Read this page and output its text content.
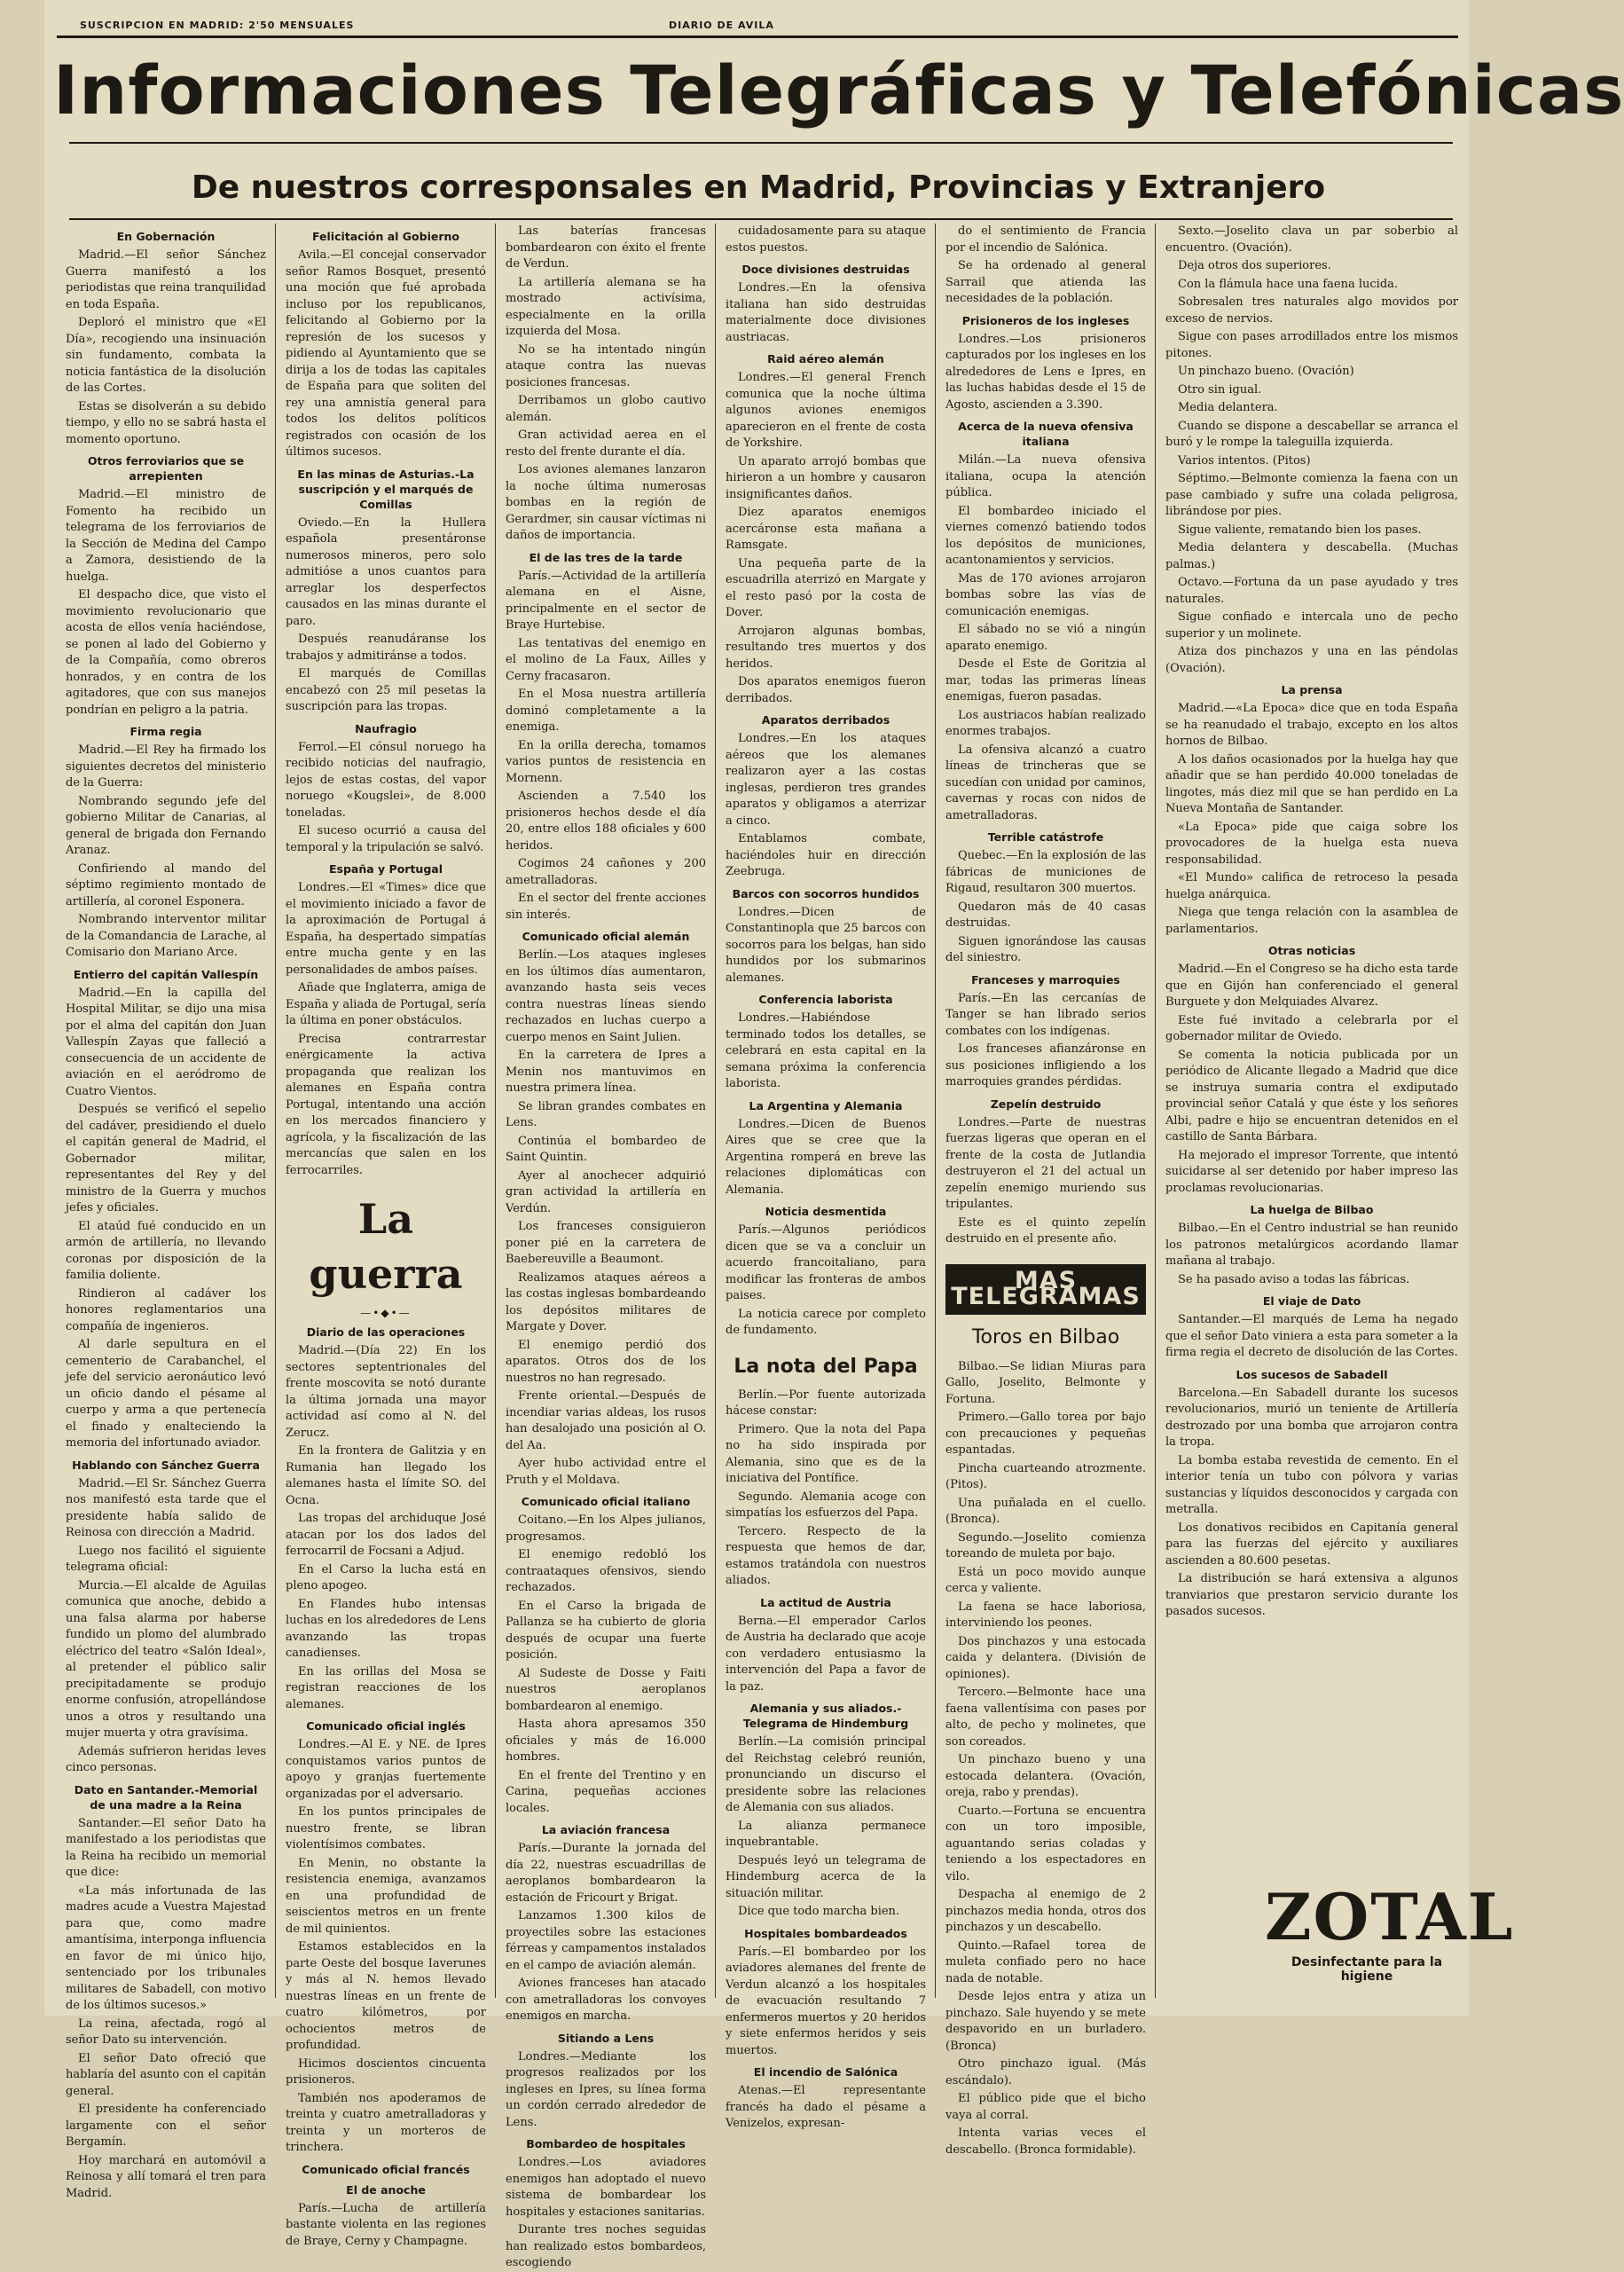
SUSCRIPCION EN MADRID: 2'50 MENSUALES	DIARIO DE AVILA
Informaciones Telegráficas y Telefónicas
De nuestros corresponsales en Madrid, Provincias y Extranjero
En Gobernación

Madrid.—El señor Sánchez Guerra manifestó a los periodistas que reina tranquilidad en toda España.

Deploró el ministro que «El Día», recogiendo una insinuación sin fundamento, combata la noticia fantástica de la disolución de las Cortes.

Estas se disolverán a su debido tiempo, y ello no se sabrá hasta el momento oportuno.

Otros ferroviarios que se arrepienten

Madrid.—El ministro de Fomento ha recibido un telegrama de los ferroviarios de la Sección de Medina del Campo a Zamora, desistiendo de la huelga.

El despacho dice, que visto el movimiento revolucionario que acosta de ellos venía haciéndose, se ponen al lado del Gobierno y de la Compañía, como obreros honrados, y en contra de los agitadores, que con sus manejos pondrían en peligro a la patria.

Firma regia

Madrid.—El Rey ha firmado los siguientes decretos del ministerio de la Guerra:

Nombrando segundo jefe del gobierno Militar de Canarias, al general de brigada don Fernando Aranaz.

Confiriendo al mando del séptimo regimiento montado de artillería, al coronel Esponera.

Nombrando interventor militar de la Comandancia de Larache, al Comisario don Mariano Arce.

Entierro del capitán Vallespín

Madrid.—En la capilla del Hospital Militar, se dijo una misa por el alma del capitán don Juan Vallespín Zayas que falleció a consecuencia de un accidente de aviación en el aeródromo de Cuatro Vientos.

Después se verificó el sepelio del cadáver, presidiendo el duelo el capitán general de Madrid, el Gobernador militar, representantes del Rey y del ministro de la Guerra y muchos jefes y oficiales.

El ataúd fué conducido en un armón de artillería, no llevando coronas por disposición de la familia doliente.

Rindieron al cadáver los honores reglamentarios una compañía de ingenieros.

Al darle sepultura en el cementerio de Carabanchel, el jefe del servicio aeronáutico levó un oficio dando el pésame al cuerpo y arma a que pertenecía el finado y enalteciendo la memoria del infortunado aviador.

Hablando con Sánchez Guerra

Madrid.—El Sr. Sánchez Guerra nos manifestó esta tarde que el presidente había salido de Reinosa con dirección a Madrid.

Luego nos facilitó el siguiente telegrama oficial:

Murcia.—El alcalde de Aguilas comunica que anoche, debido a una falsa alarma por haberse fundido un plomo del alumbrado eléctrico del teatro «Salón Ideal», al pretender el público salir precipitadamente se produjo enorme confusión, atropellándose unos a otros y resultando una mujer muerta y otra gravísima.

Además sufrieron heridas leves cinco personas.

Dato en Santander.-Memorial de una madre a la Reina

Santander.—El señor Dato ha manifestado a los periodistas que la Reina ha recibido un memorial que dice:

«La más infortunada de las madres acude a Vuestra Majestad para que, como madre amantísima, interponga influencia en favor de mi único hijo, sentenciado por los tribunales militares de Sabadell, con motivo de los últimos sucesos.»

La reina, afectada, rogó al señor Dato su intervención.

El señor Dato ofreció que hablaría del asunto con el capitán general.

El presidente ha conferenciado largamente con el señor Bergamín.

Hoy marchará en automóvil a Reinosa y allí tomará el tren para Madrid.

Felicitación al Gobierno

Avila.—El concejal conservador señor Ramos Bosquet, presentó una moción que fué aprobada incluso por los republicanos, felicitando al Gobierno por la represión de los sucesos y pidiendo al Ayuntamiento que se dirija a los de todas las capitales de España para que soliten del rey una amnistía general para todos los delitos políticos registrados con ocasión de los últimos sucesos.

En las minas de Asturias.-La suscripción y el marqués de Comillas

Oviedo.—En la Hullera española presentáronse numerosos mineros, pero solo admitióse a unos cuantos para arreglar los desperfectos causados en las minas durante el paro.

Después reanudáranse los trabajos y admitiránse a todos.

El marqués de Comillas encabezó con 25 mil pesetas la suscripción para las tropas.

Naufragio

Ferrol.—El cónsul noruego ha recibido noticias del naufragio, lejos de estas costas, del vapor noruego «Kougslei», de 8.000 toneladas.

El suceso ocurrió a causa del temporal y la tripulación se salvó.

España y Portugal

Londres.—El «Times» dice que el movimiento iniciado a favor de la aproximación de Portugal á España, ha despertado simpatías entre mucha gente y en las personalidades de ambos países.

Añade que Inglaterra, amiga de España y aliada de Portugal, sería la última en poner obstáculos.

Precisa contrarrestar enérgicamente la activa propaganda que realizan los alemanes en España contra Portugal, intentando una acción en los mercados financiero y agrícola, y la fiscalización de las mercancías que salen en los ferrocarriles.

La guerra
—•◆•—
Diario de las operaciones

Madrid.—(Día 22) En los sectores septentrionales del frente moscovita se notó durante la última jornada una mayor actividad así como al N. del Zerucz.

En la frontera de Galitzia y en Rumania han llegado los alemanes hasta el límite SO. del Ocna.

Las tropas del archiduque José atacan por los dos lados del ferrocarril de Focsani a Adjud.

En el Carso la lucha está en pleno apogeo.

En Flandes hubo intensas luchas en los alrededores de Lens avanzando las tropas canadienses.

En las orillas del Mosa se registran reacciones de los alemanes.

Comunicado oficial inglés

Londres.—Al E. y NE. de Ipres conquistamos varios puntos de apoyo y granjas fuertemente organizadas por el adversario.

En los puntos principales de nuestro frente, se libran violentísimos combates.

En Menin, no obstante la resistencia enemiga, avanzamos en una profundidad de seiscientos metros en un frente de mil quinientos.

Estamos establecidos en la parte Oeste del bosque Iaverunes y más al N. hemos llevado nuestras líneas en un frente de cuatro kilómetros, por ochocientos metros de profundidad.

Hicimos doscientos cincuenta prisioneros.

También nos apoderamos de treinta y cuatro ametralladoras y treinta y un morteros de trinchera.

Comunicado oficial francés
El de anoche

París.—Lucha de artillería bastante violenta en las regiones de Braye, Cerny y Champagne.

Las baterías francesas bombardearon con éxito el frente de Verdun.

La artillería alemana se ha mostrado activísima, especialmente en la orilla izquierda del Mosa.

No se ha intentado ningún ataque contra las nuevas posiciones francesas.

Derribamos un globo cautivo alemán.

Gran actividad aerea en el resto del frente durante el día.

Los aviones alemanes lanzaron la noche última numerosas bombas en la región de Gerardmer, sin causar víctimas ni daños de importancia.

El de las tres de la tarde

París.—Actividad de la artillería alemana en el Aisne, principalmente en el sector de Braye Hurtebise.

Las tentativas del enemigo en el molino de La Faux, Ailles y Cerny fracasaron.

En el Mosa nuestra artillería dominó completamente a la enemiga.

En la orilla derecha, tomamos varios puntos de resistencia en Mornenn.

Ascienden a 7.540 los prisioneros hechos desde el día 20, entre ellos 188 oficiales y 600 heridos.

Cogimos 24 cañones y 200 ametralladoras.

En el sector del frente acciones sin interés.

Comunicado oficial alemán

Berlín.—Los ataques ingleses en los últimos días aumentaron, avanzando hasta seis veces contra nuestras líneas siendo rechazados en luchas cuerpo a cuerpo menos en Saint Julien.

En la carretera de Ipres a Menin nos mantuvimos en nuestra primera línea.

Se libran grandes combates en Lens.

Continúa el bombardeo de Saint Quintin.

Ayer al anochecer adquirió gran actividad la artillería en Verdún.

Los franceses consiguieron poner pié en la carretera de Baebereuville a Beaumont.

Realizamos ataques aéreos a las costas inglesas bombardeando los depósitos militares de Margate y Dover.

El enemigo perdió dos aparatos. Otros dos de los nuestros no han regresado.

Frente oriental.—Después de incendiar varias aldeas, los rusos han desalojado una posición al O. del Aa.

Ayer hubo actividad entre el Pruth y el Moldava.

Comunicado oficial italiano

Coitano.—En los Alpes julianos, progresamos.

El enemigo redobló los contraataques ofensivos, siendo rechazados.

En el Carso la brigada de Pallanza se ha cubierto de gloria después de ocupar una fuerte posición.

Al Sudeste de Dosse y Faiti nuestros aeroplanos bombardearon al enemigo.

Hasta ahora apresamos 350 oficiales y más de 16.000 hombres.

En el frente del Trentino y en Carina, pequeñas acciones locales.

La aviación francesa

París.—Durante la jornada del día 22, nuestras escuadrillas de aeroplanos bombardearon la estación de Fricourt y Brigat.

Lanzamos 1.300 kilos de proyectiles sobre las estaciones férreas y campamentos instalados en el campo de aviación alemán.

Aviones franceses han atacado con ametralladoras los convoyes enemigos en marcha.

Sitiando a Lens

Londres.—Mediante los progresos realizados por los ingleses en Ipres, su línea forma un cordón cerrado alrededor de Lens.

Bombardeo de hospitales

Londres.—Los aviadores enemigos han adoptado el nuevo sistema de bombardear los hospitales y estaciones sanitarias.

Durante tres noches seguidas han realizado estos bombardeos, escogiendo

cuidadosamente para su ataque estos puestos.

Doce divisiones destruidas

Londres.—En la ofensiva italiana han sido destruidas materialmente doce divisiones austriacas.

Raid aéreo alemán

Londres.—El general French comunica que la noche última algunos aviones enemigos aparecieron en el frente de costa de Yorkshire.

Un aparato arrojó bombas que hirieron a un hombre y causaron insignificantes daños.

Diez aparatos enemigos acercáronse esta mañana a Ramsgate.

Una pequeña parte de la escuadrilla aterrizó en Margate y el resto pasó por la costa de Dover.

Arrojaron algunas bombas, resultando tres muertos y dos heridos.

Dos aparatos enemigos fueron derribados.

Aparatos derribados

Londres.—En los ataques aéreos que los alemanes realizaron ayer a las costas inglesas, perdieron tres grandes aparatos y obligamos a aterrizar a cinco.

Entablamos combate, haciéndoles huir en dirección Zeebruga.

Barcos con socorros hundidos

Londres.—Dicen de Constantinopla que 25 barcos con socorros para los belgas, han sido hundidos por los submarinos alemanes.

Conferencia laborista

Londres.—Habiéndose terminado todos los detalles, se celebrará en esta capital en la semana próxima la conferencia laborista.

La Argentina y Alemania

Londres.—Dicen de Buenos Aires que se cree que la Argentina romperá en breve las relaciones diplomáticas con Alemania.

Noticia desmentida

París.—Algunos periódicos dicen que se va a concluir un acuerdo francoitaliano, para modificar las fronteras de ambos paises.

La noticia carece por completo de fundamento.

La nota del Papa

Berlín.—Por fuente autorizada hácese constar:

Primero. Que la nota del Papa no ha sido inspirada por Alemania, sino que es de la iniciativa del Pontífice.

Segundo. Alemania acoge con simpatías los esfuerzos del Papa.

Tercero. Respecto de la respuesta que hemos de dar, estamos tratándola con nuestros aliados.

La actitud de Austria

Berna.—El emperador Carlos de Austria ha declarado que acoje con verdadero entusiasmo la intervención del Papa a favor de la paz.

Alemania y sus aliados.-Telegrama de Hindemburg

Berlín.—La comisión principal del Reichstag celebró reunión, pronunciando un discurso el presidente sobre las relaciones de Alemania con sus aliados.

La alianza permanece inquebrantable.

Después leyó un telegrama de Hindemburg acerca de la situación militar.

Dice que todo marcha bien.

Hospitales bombardeados

París.—El bombardeo por los aviadores alemanes del frente de Verdun alcanzó a los hospitales de evacuación resultando 7 enfermeros muertos y 20 heridos y siete enfermos heridos y seis muertos.

El incendio de Salónica

Atenas.—El representante francés ha dado el pésame a Venizelos, expresan-

do el sentimiento de Francia por el incendio de Salónica.

Se ha ordenado al general Sarrail que atienda las necesidades de la población.

Prisioneros de los ingleses

Londres.—Los prisioneros capturados por los ingleses en los alrededores de Lens e Ipres, en las luchas habidas desde el 15 de Agosto, ascienden a 3.390.

Acerca de la nueva ofensiva italiana

Milán.—La nueva ofensiva italiana, ocupa la atención pública.

El bombardeo iniciado el viernes comenzó batiendo todos los depósitos de municiones, acantonamientos y servicios.

Mas de 170 aviones arrojaron bombas sobre las vías de comunicación enemigas.

El sábado no se vió a ningún aparato enemigo.

Desde el Este de Goritzia al mar, todas las primeras líneas enemigas, fueron pasadas.

Los austriacos habían realizado enormes trabajos.

La ofensiva alcanzó a cuatro líneas de trincheras que se sucedían con unidad por caminos, cavernas y rocas con nidos de ametralladoras.

Terrible catástrofe

Quebec.—En la explosión de las fábricas de municiones de Rigaud, resultaron 300 muertos.

Quedaron más de 40 casas destruidas.

Siguen ignorándose las causas del siniestro.

Franceses y marroquies

París.—En las cercanías de Tanger se han librado serios combates con los indígenas.

Los franceses afianzáronse en sus posiciones infligiendo a los marroquies grandes pérdidas.

Zepelín destruido

Londres.—Parte de nuestras fuerzas ligeras que operan en el frente de la costa de Jutlandia destruyeron el 21 del actual un zepelín enemigo muriendo sus tripulantes.

Este es el quinto zepelín destruido en el presente año.

MAS TELEGRAMAS
Toros en Bilbao

Bilbao.—Se lidian Miuras para Gallo, Joselito, Belmonte y Fortuna.

Primero.—Gallo torea por bajo con precauciones y pequeñas espantadas.

Pincha cuarteando atrozmente. (Pitos).

Una puñalada en el cuello. (Bronca).

Segundo.—Joselito comienza toreando de muleta por bajo.

Está un poco movido aunque cerca y valiente.

La faena se hace laboriosa, interviniendo los peones.

Dos pinchazos y una estocada caida y delantera. (División de opiniones).

Tercero.—Belmonte hace una faena vallentísima con pases por alto, de pecho y molinetes, que son coreados.

Un pinchazo bueno y una estocada delantera. (Ovación, oreja, rabo y prendas).

Cuarto.—Fortuna se encuentra con un toro imposible, aguantando serias coladas y teniendo a los espectadores en vilo.

Despacha al enemigo de 2 pinchazos media honda, otros dos pinchazos y un descabello.

Quinto.—Rafael torea de muleta confiado pero no hace nada de notable.

Desde lejos entra y atiza un pinchazo. Sale huyendo y se mete despavorido en un burladero. (Bronca)

Otro pinchazo igual. (Más escándalo).

El público pide que el bicho vaya al corral.

Intenta varias veces el descabello. (Bronca formidable).

Sexto.—Joselito clava un par soberbio al encuentro. (Ovación).

Deja otros dos superiores.

Con la flámula hace una faena lucida.

Sobresalen tres naturales algo movidos por exceso de nervios.

Sigue con pases arrodillados entre los mismos pitones.

Un pinchazo bueno. (Ovación)

Otro sin igual.

Media delantera.

Cuando se dispone a descabellar se arranca el buró y le rompe la taleguilla izquierda.

Varios intentos. (Pitos)

Séptimo.—Belmonte comienza la faena con un pase cambiado y sufre una colada peligrosa, librándose por pies.

Sigue valiente, rematando bien los pases.

Media delantera y descabella. (Muchas palmas.)

Octavo.—Fortuna da un pase ayudado y tres naturales.

Sigue confiado e intercala uno de pecho superior y un molinete.

Atiza dos pinchazos y una en las péndolas (Ovación).

La prensa

Madrid.—«La Epoca» dice que en toda España se ha reanudado el trabajo, excepto en los altos hornos de Bilbao.

A los daños ocasionados por la huelga hay que añadir que se han perdido 40.000 toneladas de lingotes, más diez mil que se han perdido en La Nueva Montaña de Santander.

«La Epoca» pide que caiga sobre los provocadores de la huelga esta nueva responsabilidad.

«El Mundo» califica de retroceso la pesada huelga anárquica.

Niega que tenga relación con la asamblea de parlamentarios.

Otras noticias

Madrid.—En el Congreso se ha dicho esta tarde que en Gijón han conferenciado el general Burguete y don Melquiades Alvarez.

Este fué invitado a celebrarla por el gobernador militar de Oviedo.

Se comenta la noticia publicada por un periódico de Alicante llegado a Madrid que dice se instruya sumaria contra el exdiputado provincial señor Catalá y que éste y los señores Albi, padre e hijo se encuentran detenidos en el castillo de Santa Bárbara.

Ha mejorado el impresor Torrente, que intentó suicidarse al ser detenido por haber impreso las proclamas revolucionarias.

La huelga de Bilbao

Bilbao.—En el Centro industrial se han reunido los patronos metalúrgicos acordando llamar mañana al trabajo.

Se ha pasado aviso a todas las fábricas.

El viaje de Dato

Santander.—El marqués de Lema ha negado que el señor Dato viniera a esta para someter a la firma regia el decreto de disolución de las Cortes.

Los sucesos de Sabadell

Barcelona.—En Sabadell durante los sucesos revolucionarios, murió un teniente de Artillería destrozado por una bomba que arrojaron contra la tropa.

La bomba estaba revestida de cemento. En el interior tenía un tubo con pólvora y varias sustancias y líquidos desconocidos y cargada con metralla.

Los donativos recibidos en Capitanía general para las fuerzas del ejército y auxiliares ascienden a 80.600 pesetas.

La distribución se hará extensiva a algunos tranviarios que prestaron servicio durante los pasados sucesos.

ZOTAL
Desinfectante para la higiene
